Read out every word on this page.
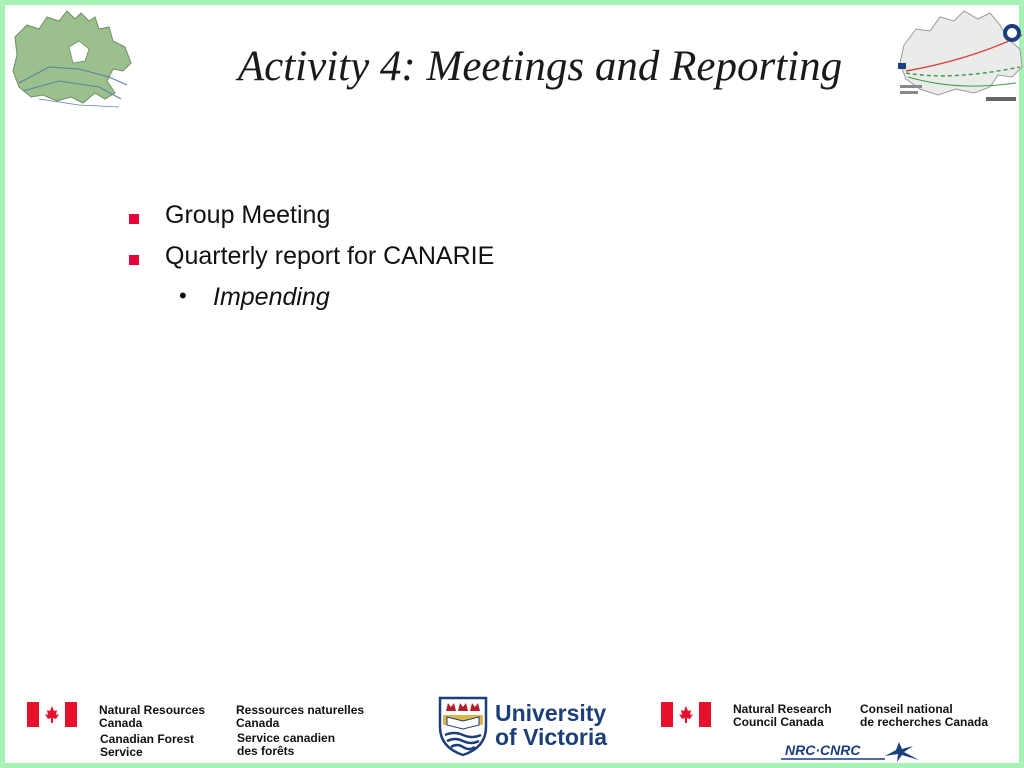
Activity 4: Meetings and Reporting
Group Meeting
Quarterly report for CANARIE
• Impending
Natural Resources
Canada
Ressources naturelles
Canada
Canadian Forest
Service
Service canadien
des forêts
University
of Victoria
Natural Research
Council Canada
Conseil national
de recherches Canada
NRC·CNRC
